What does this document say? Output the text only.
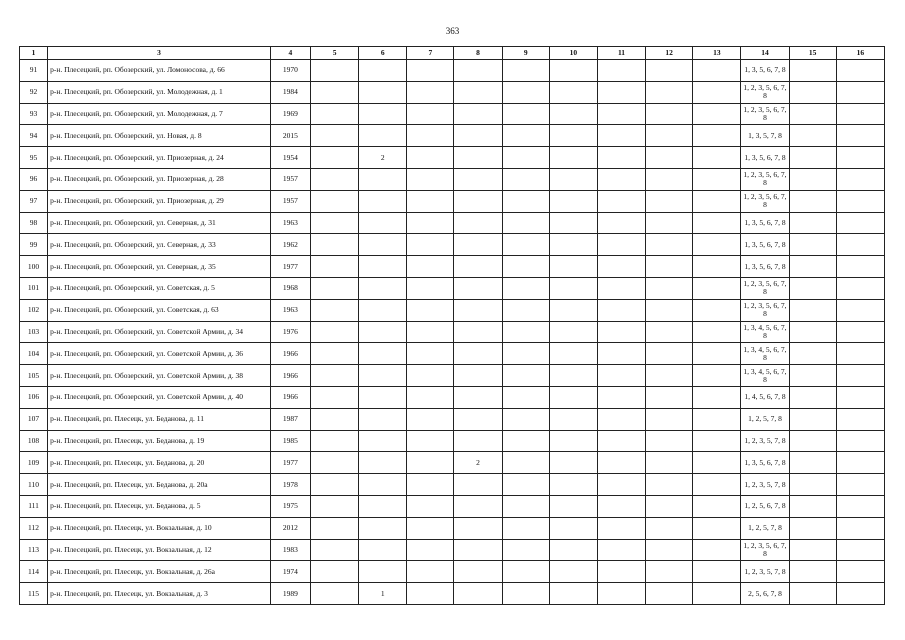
363
1	3	4	5	6	7	8	9	10	11	12	13	14	15	16
91	р-н. Плесецкий, рп. Обозерский, ул. Ломоносова, д. 66	1970										1, 3, 5, 6, 7, 8		
92	р-н. Плесецкий, рп. Обозерский, ул. Молодежная, д. 1	1984										1, 2, 3, 5, 6, 7, 8		
93	р-н. Плесецкий, рп. Обозерский, ул. Молодежная, д. 7	1969										1, 2, 3, 5, 6, 7, 8		
94	р-н. Плесецкий, рп. Обозерский, ул. Новая, д. 8	2015										1, 3, 5, 7, 8		
95	р-н. Плесецкий, рп. Обозерский, ул. Приозерная, д. 24	1954		2								1, 3, 5, 6, 7, 8		
96	р-н. Плесецкий, рп. Обозерский, ул. Приозерная, д. 28	1957										1, 2, 3, 5, 6, 7, 8		
97	р-н. Плесецкий, рп. Обозерский, ул. Приозерная, д. 29	1957										1, 2, 3, 5, 6, 7, 8		
98	р-н. Плесецкий, рп. Обозерский, ул. Северная, д. 31	1963										1, 3, 5, 6, 7, 8		
99	р-н. Плесецкий, рп. Обозерский, ул. Северная, д. 33	1962										1, 3, 5, 6, 7, 8		
100	р-н. Плесецкий, рп. Обозерский, ул. Северная, д. 35	1977										1, 3, 5, 6, 7, 8		
101	р-н. Плесецкий, рп. Обозерский, ул. Советская, д. 5	1968										1, 2, 3, 5, 6, 7, 8		
102	р-н. Плесецкий, рп. Обозерский, ул. Советская, д. 63	1963										1, 2, 3, 5, 6, 7, 8		
103	р-н. Плесецкий, рп. Обозерский, ул. Советской Армии, д. 34	1976										1, 3, 4, 5, 6, 7, 8		
104	р-н. Плесецкий, рп. Обозерский, ул. Советской Армии, д. 36	1966										1, 3, 4, 5, 6, 7, 8		
105	р-н. Плесецкий, рп. Обозерский, ул. Советской Армии, д. 38	1966										1, 3, 4, 5, 6, 7, 8		
106	р-н. Плесецкий, рп. Обозерский, ул. Советской Армии, д. 40	1966										1, 4, 5, 6, 7, 8		
107	р-н. Плесецкий, рп. Плесецк, ул. Беданова, д. 11	1987										1, 2, 5, 7, 8		
108	р-н. Плесецкий, рп. Плесецк, ул. Беданова, д. 19	1985										1, 2, 3, 5, 7, 8		
109	р-н. Плесецкий, рп. Плесецк, ул. Беданова, д. 20	1977				2						1, 3, 5, 6, 7, 8		
110	р-н. Плесецкий, рп. Плесецк, ул. Беданова, д. 20а	1978										1, 2, 3, 5, 7, 8		
111	р-н. Плесецкий, рп. Плесецк, ул. Беданова, д. 5	1975										1, 2, 5, 6, 7, 8		
112	р-н. Плесецкий, рп. Плесецк, ул. Вокзальная, д. 10	2012										1, 2, 5, 7, 8		
113	р-н. Плесецкий, рп. Плесецк, ул. Вокзальная, д. 12	1983										1, 2, 3, 5, 6, 7, 8		
114	р-н. Плесецкий, рп. Плесецк, ул. Вокзальная, д. 26а	1974										1, 2, 3, 5, 7, 8		
115	р-н. Плесецкий, рп. Плесецк, ул. Вокзальная, д. 3	1989		1								2, 5, 6, 7, 8		
